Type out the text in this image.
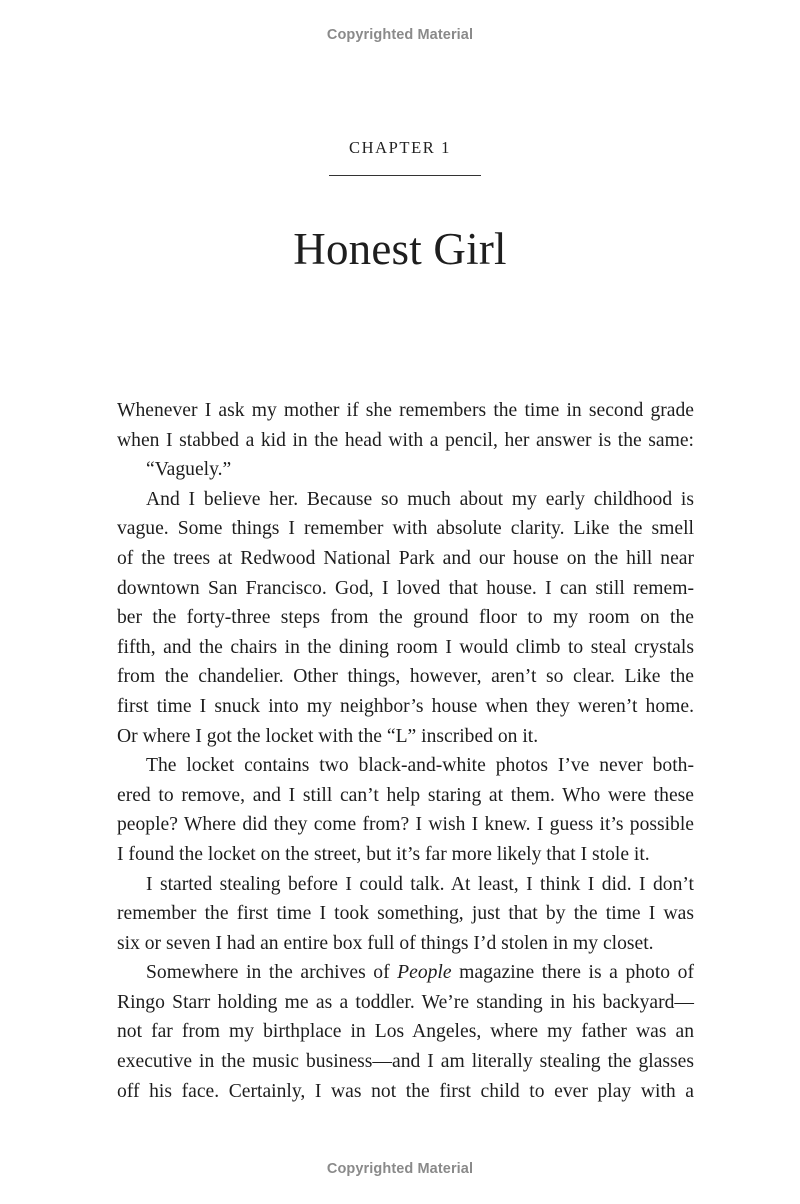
Copyrighted Material
CHAPTER 1
Honest Girl
Whenever I ask my mother if she remembers the time in second grade
when I stabbed a kid in the head with a pencil, her answer is the same:
“Vaguely.”
And I believe her. Because so much about my early childhood is
vague. Some things I remember with absolute clarity. Like the smell
of the trees at Redwood National Park and our house on the hill near
downtown San Francisco. God, I loved that house. I can still remem-
ber the forty-three steps from the ground floor to my room on the
fifth, and the chairs in the dining room I would climb to steal crystals
from the chandelier. Other things, however, aren’t so clear. Like the
first time I snuck into my neighbor’s house when they weren’t home.
Or where I got the locket with the “L” inscribed on it.
The locket contains two black-and-white photos I’ve never both-
ered to remove, and I still can’t help staring at them. Who were these
people? Where did they come from? I wish I knew. I guess it’s possible
I found the locket on the street, but it’s far more likely that I stole it.
I started stealing before I could talk. At least, I think I did. I don’t
remember the first time I took something, just that by the time I was
six or seven I had an entire box full of things I’d stolen in my closet.
Somewhere in the archives of People magazine there is a photo of
Ringo Starr holding me as a toddler. We’re standing in his backyard—
not far from my birthplace in Los Angeles, where my father was an
executive in the music business—and I am literally stealing the glasses
off his face. Certainly, I was not the first child to ever play with a
Copyrighted Material
